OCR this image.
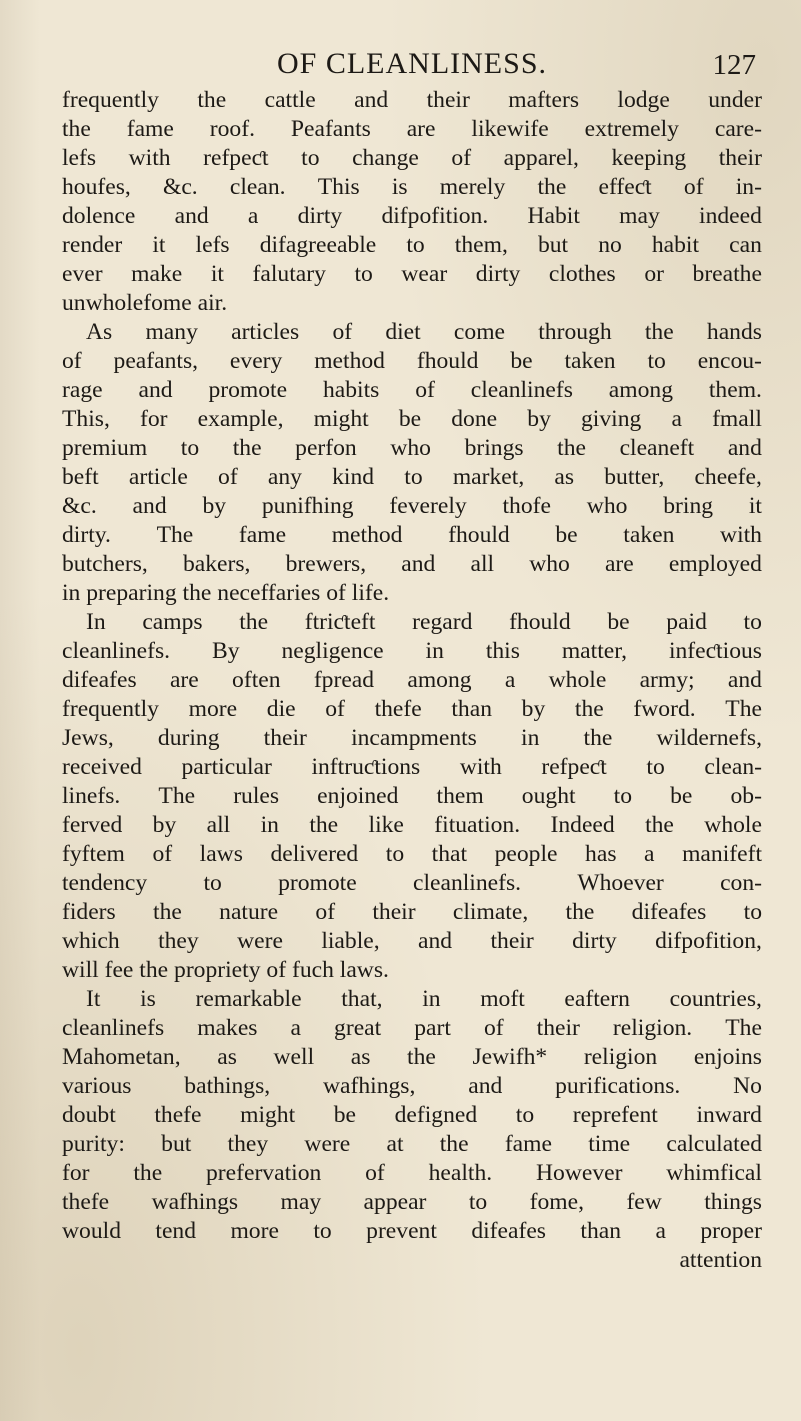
OF CLEANLINESS.	127
frequently the cattle and their mafters lodge under
the fame roof. Peafants are likewife extremely care-
lefs with refpeƈt to change of apparel, keeping their
houfes, &c. clean. This is merely the effeƈt of in-
dolence and a dirty difpofition. Habit may indeed
render it lefs difagreeable to them, but no habit can
ever make it falutary to wear dirty clothes or breathe
unwholefome air.
As many articles of diet come through the hands
of peafants, every method fhould be taken to encou-
rage and promote habits of cleanlinefs among them.
This, for example, might be done by giving a fmall
premium to the perfon who brings the cleaneft and
beft article of any kind to market, as butter, cheefe,
&c. and by punifhing feverely thofe who bring it
dirty. The fame method fhould be taken with
butchers, bakers, brewers, and all who are employed
in preparing the neceffaries of life.
In camps the ftriƈteft regard fhould be paid to
cleanlinefs. By negligence in this matter, infeƈtious
difeafes are often fpread among a whole army; and
frequently more die of thefe than by the fword. The
Jews, during their incampments in the wildernefs,
received particular inftruƈtions with refpeƈt to clean-
linefs. The rules enjoined them ought to be ob-
ferved by all in the like fituation. Indeed the whole
fyftem of laws delivered to that people has a manifeft
tendency to promote cleanlinefs. Whoever con-
fiders the nature of their climate, the difeafes to
which they were liable, and their dirty difpofition,
will fee the propriety of fuch laws.
It is remarkable that, in moft eaftern countries,
cleanlinefs makes a great part of their religion. The
Mahometan, as well as the Jewifh* religion enjoins
various bathings, wafhings, and purifications. No
doubt thefe might be defigned to reprefent inward
purity: but they were at the fame time calculated
for the prefervation of health. However whimfical
thefe wafhings may appear to fome, few things
would tend more to prevent difeafes than a proper
attention
